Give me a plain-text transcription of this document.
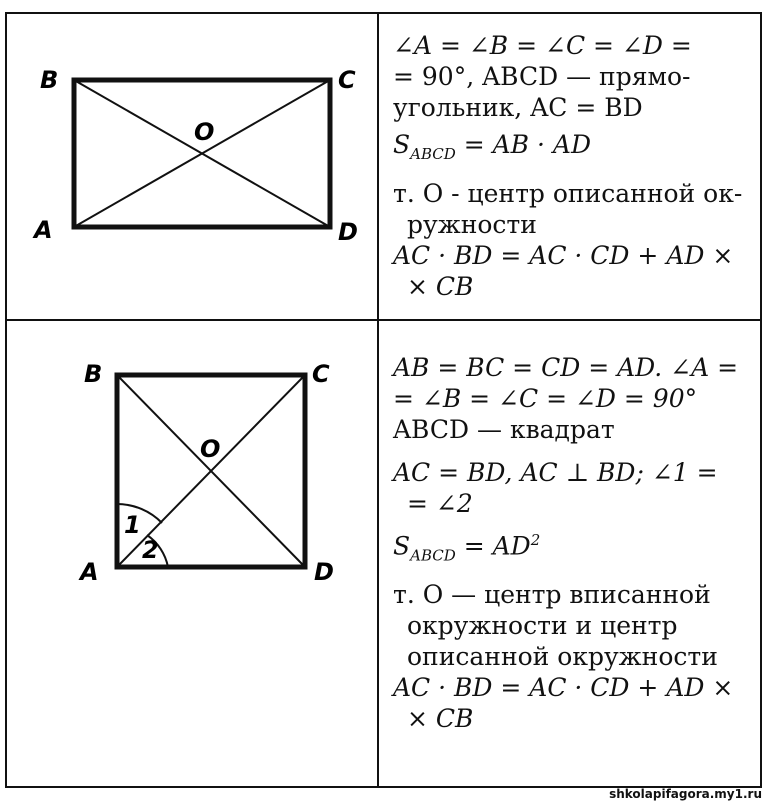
B	C
A	D
O

∠A = ∠B = ∠C = ∠D =

= 90°, ABCD — прямо-

угольник, AC = BD

$S_{ABCD}$ = AB · AD

т. O - центр описанной ок-

ружности

AC · BD = AC · CD + AD ×

× CB

B	C
A	D
O
1
2

AB = BC = CD = AD. ∠A =

= ∠B = ∠C = ∠D = 90°

ABCD — квадрат

AC = BD, AC ⊥ BD; ∠1 =

= ∠2

$S_{ABCD} = AD^2$

т. O — центр вписанной

окружности и центр

описанной окружности

AC · BD = AC · CD + AD ×

× CB

shkolapifagora.my1.ru
